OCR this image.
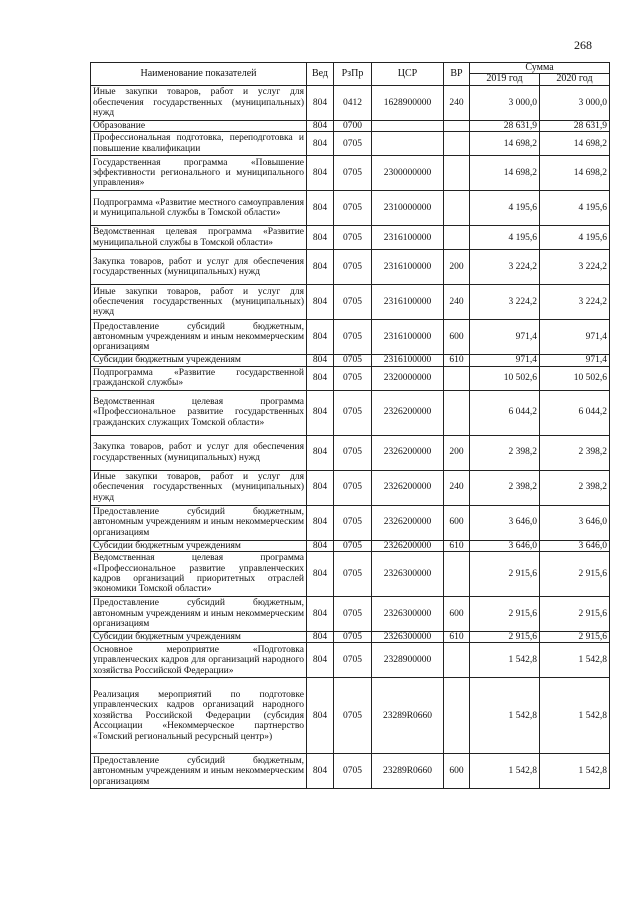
268
Наименование показателей	Вед	РзПр	ЦСР	ВР	Сумма	
					2019 год	2020 год
Иные закупки товаров, работ и услуг для обеспечения государственных (муниципальных) нужд	804	0412	1628900000	240	3 000,0	3 000,0
Образование	804	0700			28 631,9	28 631,9
Профессиональная подготовка, переподготовка и повышение квалификации	804	0705			14 698,2	14 698,2
Государственная программа «Повышение эффективности регионального и муниципального управления»	804	0705	2300000000		14 698,2	14 698,2
Подпрограмма «Развитие местного самоуправления и муниципальной службы в Томской области»	804	0705	2310000000		4 195,6	4 195,6
Ведомственная целевая программа «Развитие муниципальной службы в Томской области»	804	0705	2316100000		4 195,6	4 195,6
Закупка товаров, работ и услуг для обеспечения государственных (муниципальных) нужд	804	0705	2316100000	200	3 224,2	3 224,2
Иные закупки товаров, работ и услуг для обеспечения государственных (муниципальных) нужд	804	0705	2316100000	240	3 224,2	3 224,2
Предоставление субсидий бюджетным, автономным учреждениям и иным некоммерческим организациям	804	0705	2316100000	600	971,4	971,4
Субсидии бюджетным учреждениям	804	0705	2316100000	610	971,4	971,4
Подпрограмма «Развитие государственной гражданской службы»	804	0705	2320000000		10 502,6	10 502,6
Ведомственная целевая программа «Профессиональное развитие государственных гражданских служащих Томской области»	804	0705	2326200000		6 044,2	6 044,2
Закупка товаров, работ и услуг для обеспечения государственных (муниципальных) нужд	804	0705	2326200000	200	2 398,2	2 398,2
Иные закупки товаров, работ и услуг для обеспечения государственных (муниципальных) нужд	804	0705	2326200000	240	2 398,2	2 398,2
Предоставление субсидий бюджетным, автономным учреждениям и иным некоммерческим организациям	804	0705	2326200000	600	3 646,0	3 646,0
Субсидии бюджетным учреждениям	804	0705	2326200000	610	3 646,0	3 646,0
Ведомственная целевая программа «Профессиональное развитие управленческих кадров организаций приоритетных отраслей экономики Томской области»	804	0705	2326300000		2 915,6	2 915,6
Предоставление субсидий бюджетным, автономным учреждениям и иным некоммерческим организациям	804	0705	2326300000	600	2 915,6	2 915,6
Субсидии бюджетным учреждениям	804	0705	2326300000	610	2 915,6	2 915,6
Основное мероприятие «Подготовка управленческих кадров для организаций народного хозяйства Российской Федерации»	804	0705	2328900000		1 542,8	1 542,8
Реализация мероприятий по подготовке управленческих кадров организаций народного хозяйства Российской Федерации (субсидия Ассоциации «Некоммерческое партнерство «Томский региональный ресурсный центр»)	804	0705	23289R0660		1 542,8	1 542,8
Предоставление субсидий бюджетным, автономным учреждениям и иным некоммерческим организациям	804	0705	23289R0660	600	1 542,8	1 542,8
